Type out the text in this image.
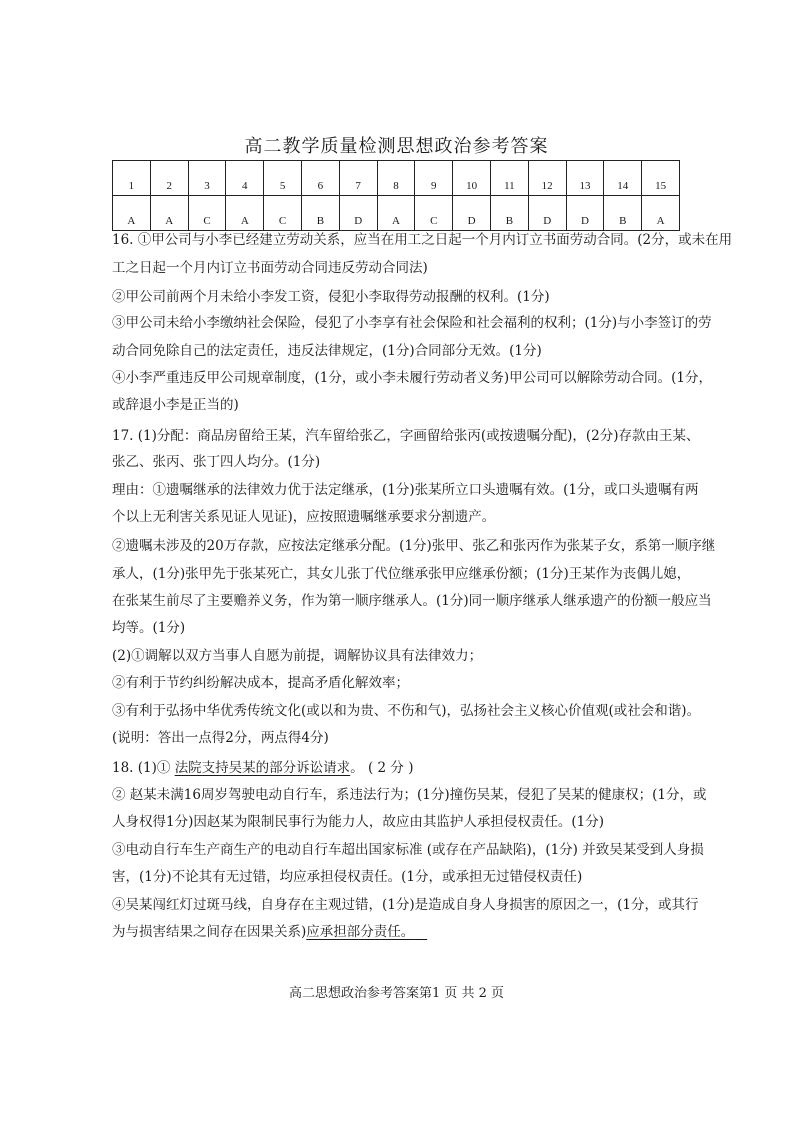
高二教学质量检测思想政治参考答案
1	2	3	4	5	6	7	8	9	10	11	12	13	14	15
A	A	C	A	C	B	D	A	C	D	B	D	D	B	A
16. ①甲公司与小李已经建立劳动关系，应当在用工之日起一个月内订立书面劳动合同。(2分，或未在用
工之日起一个月内订立书面劳动合同违反劳动合同法)
②甲公司前两个月未给小李发工资，侵犯小李取得劳动报酬的权利。(1分)
③甲公司未给小李缴纳社会保险，侵犯了小李享有社会保险和社会福利的权利；(1分)与小李签订的劳
动合同免除自己的法定责任，违反法律规定，(1分)合同部分无效。(1分)
④小李严重违反甲公司规章制度，(1分，或小李未履行劳动者义务)甲公司可以解除劳动合同。(1分，
或辞退小李是正当的)
17. (1)分配：商品房留给王某，汽车留给张乙，字画留给张丙(或按遗嘱分配)，(2分)存款由王某、
张乙、张丙、张丁四人均分。(1分)
理由：①遗嘱继承的法律效力优于法定继承，(1分)张某所立口头遗嘱有效。(1分，或口头遗嘱有两
个以上无利害关系见证人见证)，应按照遗嘱继承要求分割遗产。
②遗嘱未涉及的20万存款，应按法定继承分配。(1分)张甲、张乙和张丙作为张某子女，系第一顺序继
承人，(1分)张甲先于张某死亡，其女儿张丁代位继承张甲应继承份额；(1分)王某作为丧偶儿媳，
在张某生前尽了主要赡养义务，作为第一顺序继承人。(1分)同一顺序继承人继承遗产的份额一般应当
均等。(1分)
(2)①调解以双方当事人自愿为前提，调解协议具有法律效力；
②有利于节约纠纷解决成本，提高矛盾化解效率；
③有利于弘扬中华优秀传统文化(或以和为贵、不伤和气)，弘扬社会主义核心价值观(或社会和谐)。
(说明：答出一点得2分，两点得4分)
18. (1)① 法院支持吴某的部分诉讼请求。 ( 2 分 )
② 赵某未满16周岁驾驶电动自行车，系违法行为；(1分)撞伤吴某，侵犯了吴某的健康权；(1分，或
人身权得1分)因赵某为限制民事行为能力人，故应由其监护人承担侵权责任。(1分)
③电动自行车生产商生产的电动自行车超出国家标准 (或存在产品缺陷)，(1分) 并致吴某受到人身损
害，(1分)不论其有无过错，均应承担侵权责任。(1分，或承担无过错侵权责任)
④吴某闯红灯过斑马线，自身存在主观过错，(1分)是造成自身人身损害的原因之一，(1分，或其行
为与损害结果之间存在因果关系)应承担部分责任。
高二思想政治参考答案第1 页 共 2 页
